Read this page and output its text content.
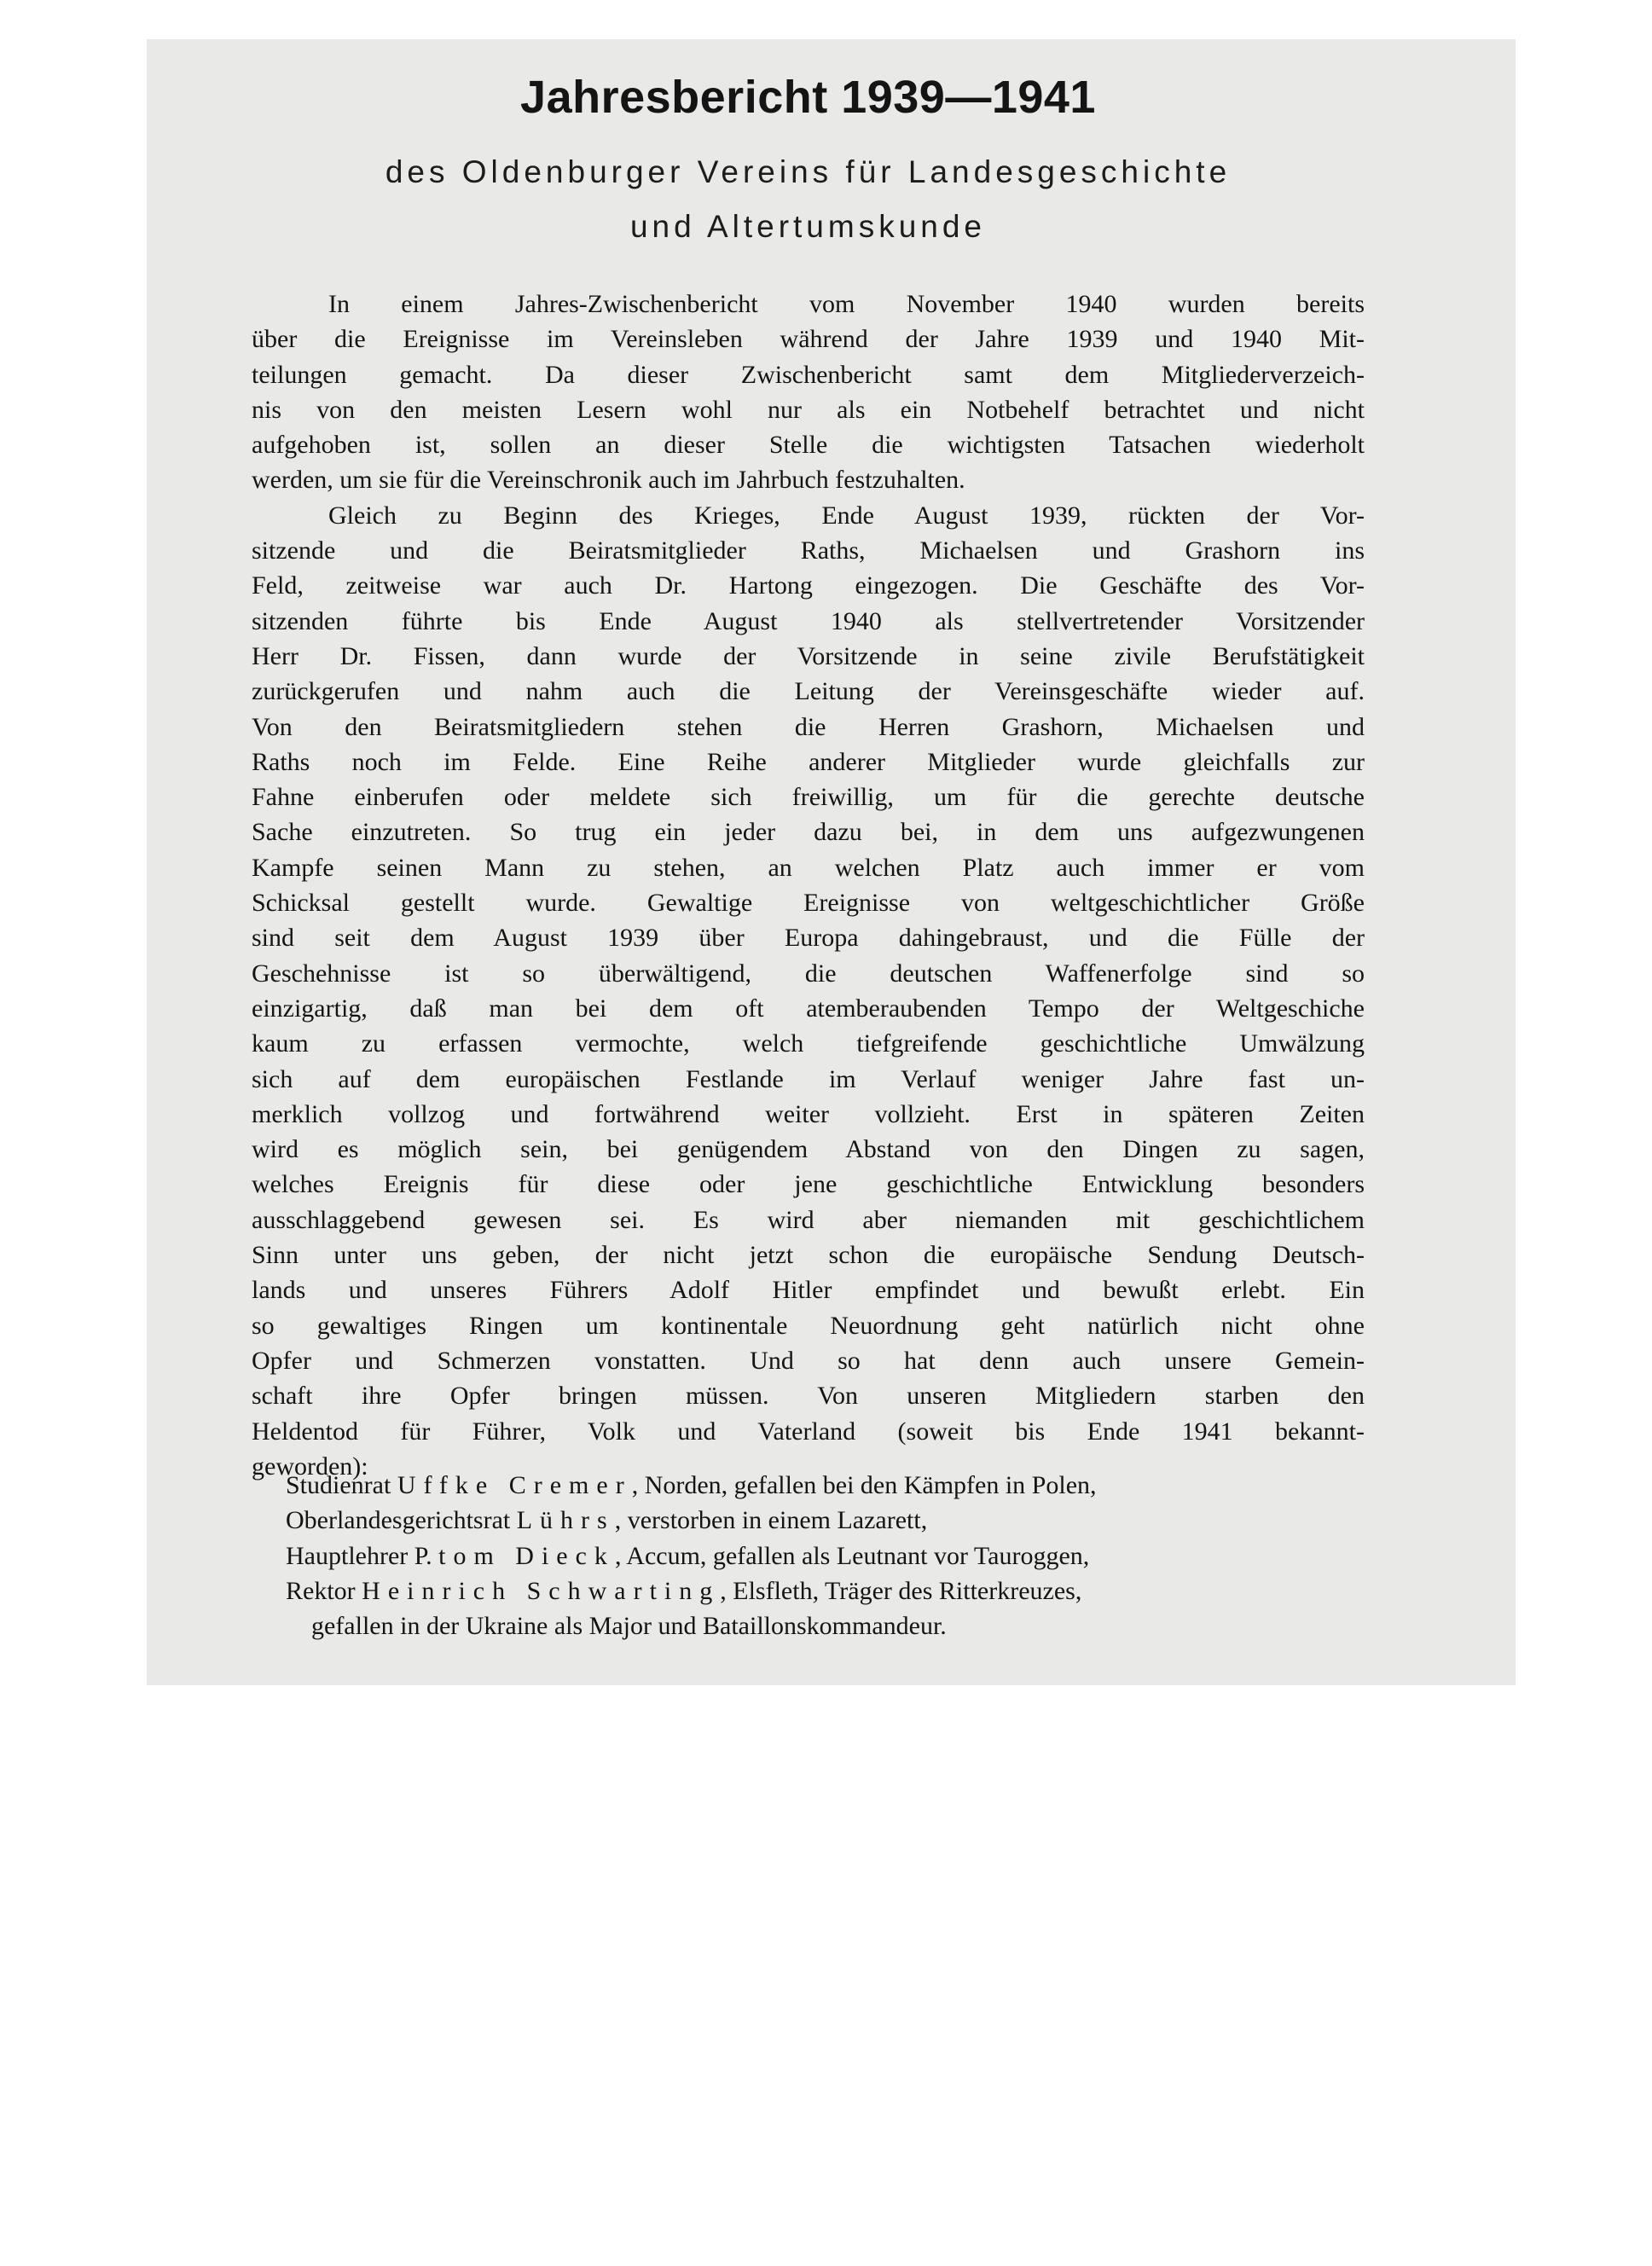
Jahresbericht 1939—1941
des Oldenburger Vereins für Landesgeschichte
und Altertumskunde
In einem Jahres-Zwischenbericht vom November 1940 wurden bereits
über die Ereignisse im Vereinsleben während der Jahre 1939 und 1940 Mit-
teilungen gemacht. Da dieser Zwischenbericht samt dem Mitgliederverzeich-
nis von den meisten Lesern wohl nur als ein Notbehelf betrachtet und nicht
aufgehoben ist, sollen an dieser Stelle die wichtigsten Tatsachen wiederholt
werden, um sie für die Vereinschronik auch im Jahrbuch festzuhalten.
Gleich zu Beginn des Krieges, Ende August 1939, rückten der Vor-
sitzende und die Beiratsmitglieder Raths, Michaelsen und Grashorn ins
Feld, zeitweise war auch Dr. Hartong eingezogen. Die Geschäfte des Vor-
sitzenden führte bis Ende August 1940 als stellvertretender Vorsitzender
Herr Dr. Fissen, dann wurde der Vorsitzende in seine zivile Berufstätigkeit
zurückgerufen und nahm auch die Leitung der Vereinsgeschäfte wieder auf.
Von den Beiratsmitgliedern stehen die Herren Grashorn, Michaelsen und
Raths noch im Felde. Eine Reihe anderer Mitglieder wurde gleichfalls zur
Fahne einberufen oder meldete sich freiwillig, um für die gerechte deutsche
Sache einzutreten. So trug ein jeder dazu bei, in dem uns aufgezwungenen
Kampfe seinen Mann zu stehen, an welchen Platz auch immer er vom
Schicksal gestellt wurde. Gewaltige Ereignisse von weltgeschichtlicher Größe
sind seit dem August 1939 über Europa dahingebraust, und die Fülle der
Geschehnisse ist so überwältigend, die deutschen Waffenerfolge sind so
einzigartig, daß man bei dem oft atemberaubenden Tempo der Weltgeschiche
kaum zu erfassen vermochte, welch tiefgreifende geschichtliche Umwälzung
sich auf dem europäischen Festlande im Verlauf weniger Jahre fast un-
merklich vollzog und fortwährend weiter vollzieht. Erst in späteren Zeiten
wird es möglich sein, bei genügendem Abstand von den Dingen zu sagen,
welches Ereignis für diese oder jene geschichtliche Entwicklung besonders
ausschlaggebend gewesen sei. Es wird aber niemanden mit geschichtlichem
Sinn unter uns geben, der nicht jetzt schon die europäische Sendung Deutsch-
lands und unseres Führers Adolf Hitler empfindet und bewußt erlebt. Ein
so gewaltiges Ringen um kontinentale Neuordnung geht natürlich nicht ohne
Opfer und Schmerzen vonstatten. Und so hat denn auch unsere Gemein-
schaft ihre Opfer bringen müssen. Von unseren Mitgliedern starben den
Heldentod für Führer, Volk und Vaterland (soweit bis Ende 1941 bekannt-
geworden):
Studienrat Uffke Cremer, Norden, gefallen bei den Kämpfen in Polen,
Oberlandesgerichtsrat Lührs, verstorben in einem Lazarett,
Hauptlehrer P. tom Dieck, Accum, gefallen als Leutnant vor Tauroggen,
Rektor Heinrich Schwarting, Elsfleth, Träger des Ritterkreuzes,
gefallen in der Ukraine als Major und Bataillonskommandeur.
